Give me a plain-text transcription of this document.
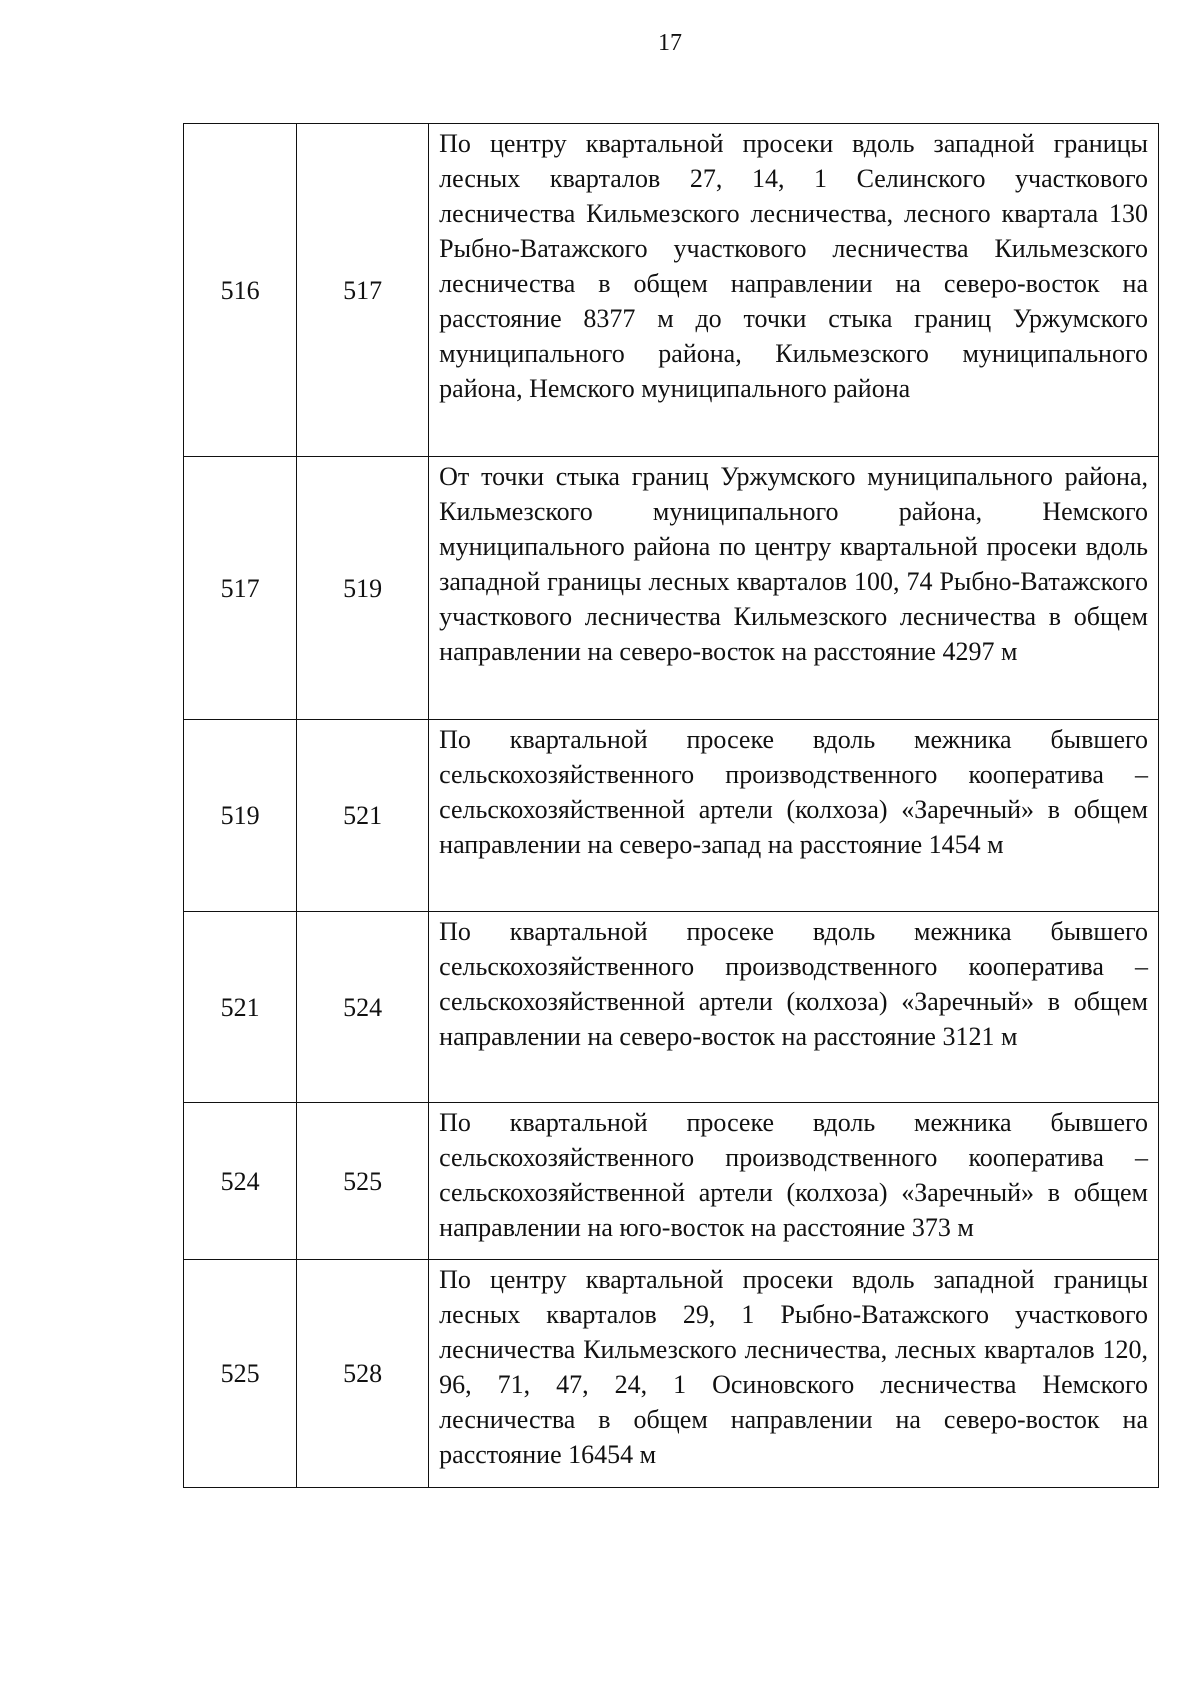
17
516	517	По центру квартальной просеки вдоль западной границы лесных кварталов 27, 14, 1 Селинского участкового лесничества Кильмезского лесничества, лесного квартала 130 Рыбно-Ватажского участкового лесничества Кильмезского лесничества в общем направлении на северо-восток на расстояние 8377 м до точки стыка границ Уржумского муниципального района, Кильмезского муниципального района, Немского муниципального района
517	519	От точки стыка границ Уржумского муниципального района, Кильмезского муниципального района, Немского муниципального района по центру квартальной просеки вдоль западной границы лесных кварталов 100, 74 Рыбно-Ватажского участкового лесничества Кильмезского лесничества в общем направлении на северо-восток на расстояние 4297 м
519	521	По квартальной просеке вдоль межника бывшего сельскохозяйственного производственного кооператива – сельскохозяйственной артели (колхоза) «Заречный» в общем направлении на северо-запад на расстояние 1454 м
521	524	По квартальной просеке вдоль межника бывшего сельскохозяйственного производственного кооператива – сельскохозяйственной артели (колхоза) «Заречный» в общем направлении на северо-восток на расстояние 3121 м
524	525	По квартальной просеке вдоль межника бывшего сельскохозяйственного производственного кооператива – сельскохозяйственной артели (колхоза) «Заречный» в общем направлении на юго-восток на расстояние 373 м
525	528	По центру квартальной просеки вдоль западной границы лесных кварталов 29, 1 Рыбно-Ватажского участкового лесничества Кильмезского лесничества, лесных кварталов 120, 96, 71, 47, 24, 1 Осиновского лесничества Немского лесничества в общем направлении на северо-восток на расстояние 16454 м
